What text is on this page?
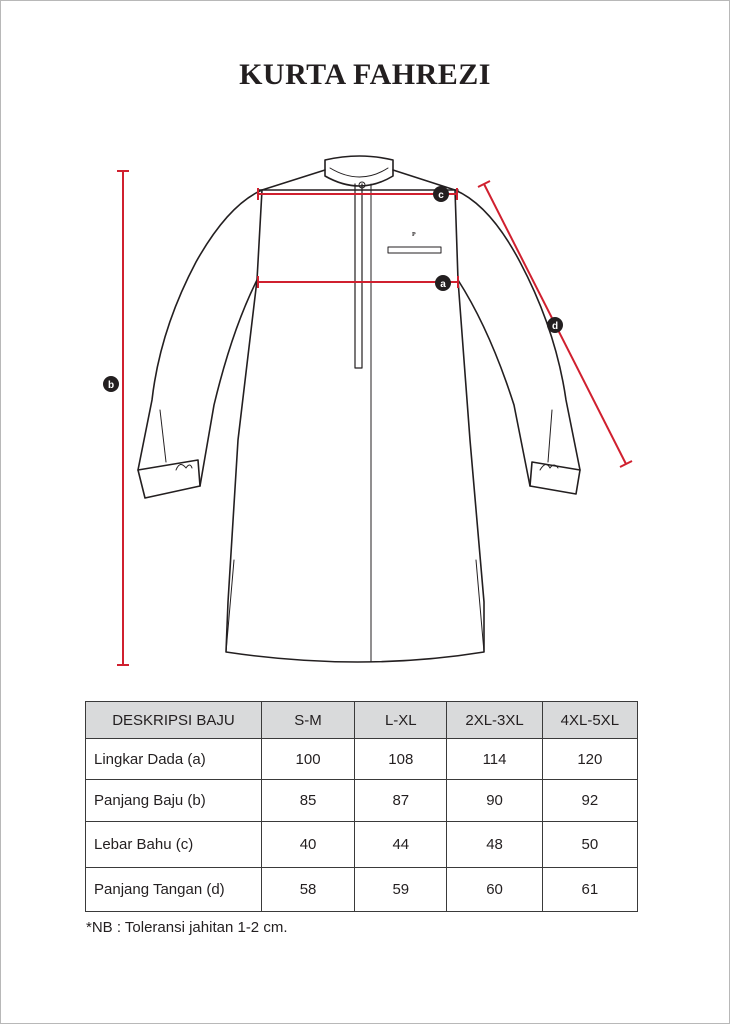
KURTA FAHREZI
P
b
c
a
d
DESKRIPSI BAJU	S-M	L-XL	2XL-3XL	4XL-5XL
Lingkar Dada (a)	100	108	114	120
Panjang Baju (b)	85	87	90	92
Lebar Bahu (c)	40	44	48	50
Panjang Tangan (d)	58	59	60	61
*NB : Toleransi jahitan 1-2 cm.
